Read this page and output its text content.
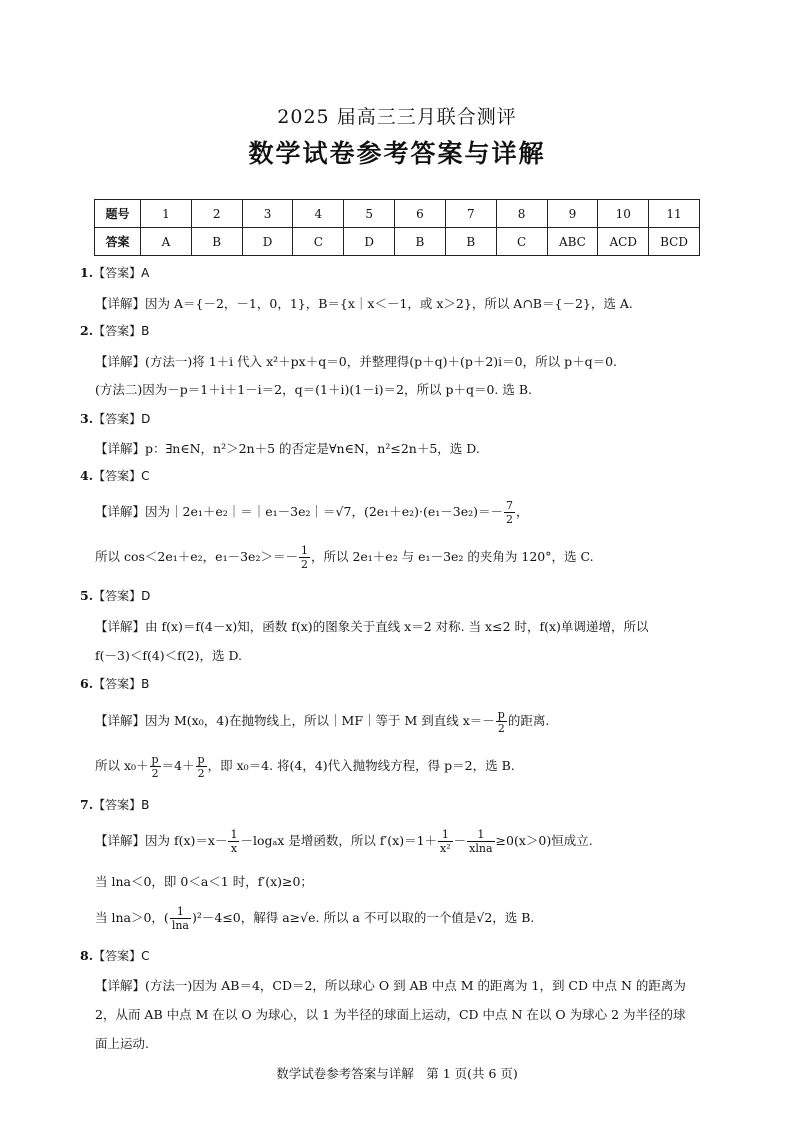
2025 届高三三月联合测评
数学试卷参考答案与详解
题号	1	2	3	4	5	6	7	8	9	10	11
答案	A	B	D	C	D	B	B	C	ABC	ACD	BCD
1.【答案】A
【详解】因为 A＝{－2，－1，0，1}，B＝{x｜x＜－1，或 x＞2}，所以 A∩B＝{－2}，选 A.
2.【答案】B
【详解】(方法一)将 1＋i 代入 x²＋px＋q＝0，并整理得(p＋q)＋(p＋2)i＝0，所以 p＋q＝0.
(方法二)因为－p＝1＋i＋1－i＝2，q＝(1＋i)(1－i)＝2，所以 p＋q＝0. 选 B.
3.【答案】D
【详解】p：∃n∈N，n²＞2n＋5 的否定是∀n∈N，n²≤2n＋5，选 D.
4.【答案】C
【详解】因为｜2e₁＋e₂｜＝｜e₁－3e₂｜＝√7，$(2e_1+e_2)\cdot(e_1-3e_2)=- \frac{7}{2}$ ，
所以 cos＜2e₁＋e₂，$e_1-3e_2>=- \frac{1}{2}$ ，所以 2e₁＋e₂ 与 e₁－3e₂ 的夹角为 120°，选 C.
5.【答案】D
【详解】由 f(x)＝f(4－x)知，函数 f(x)的图象关于直线 x＝2 对称. 当 x≤2 时，f(x)单调递增，所以
f(－3)＜f(4)＜f(2)，选 D.
6.【答案】B
【详解】因为 M(x₀，4)在抛物线上，所以｜MF｜等于 M 到直线 $x=- \frac{p}{2}$ 的距离.
所以 $x_0+ \frac{p}{2} =4+ \frac{p}{2}$ ，即 x₀＝4. 将(4，4)代入抛物线方程，得 p＝2，选 B.
7.【答案】B
【详解】因为 $f(x)=x- \frac{1}{x} -\log_ax$ 是增函数，所以 $f'(x)=1+ \frac{1}{\text{x²}} - \frac{1}{xlna} \ge 0(x>0)$恒成立.
当 lna＜0，即 0＜a＜1 时，f′(x)≥0；
当 lna＞0，( $\frac{1}{\ln a} )^2-4\le 0$，解得 a≥√e. 所以 a 不可以取的一个值是√2，选 B.
8.【答案】C
【详解】(方法一)因为 AB＝4，CD＝2，所以球心 O 到 AB 中点 M 的距离为 1，到 CD 中点 N 的距离为
2，从而 AB 中点 M 在以 O 为球心，以 1 为半径的球面上运动，CD 中点 N 在以 O 为球心 2 为半径的球
面上运动.
数学试卷参考答案与详解　第 1 页(共 6 页)
